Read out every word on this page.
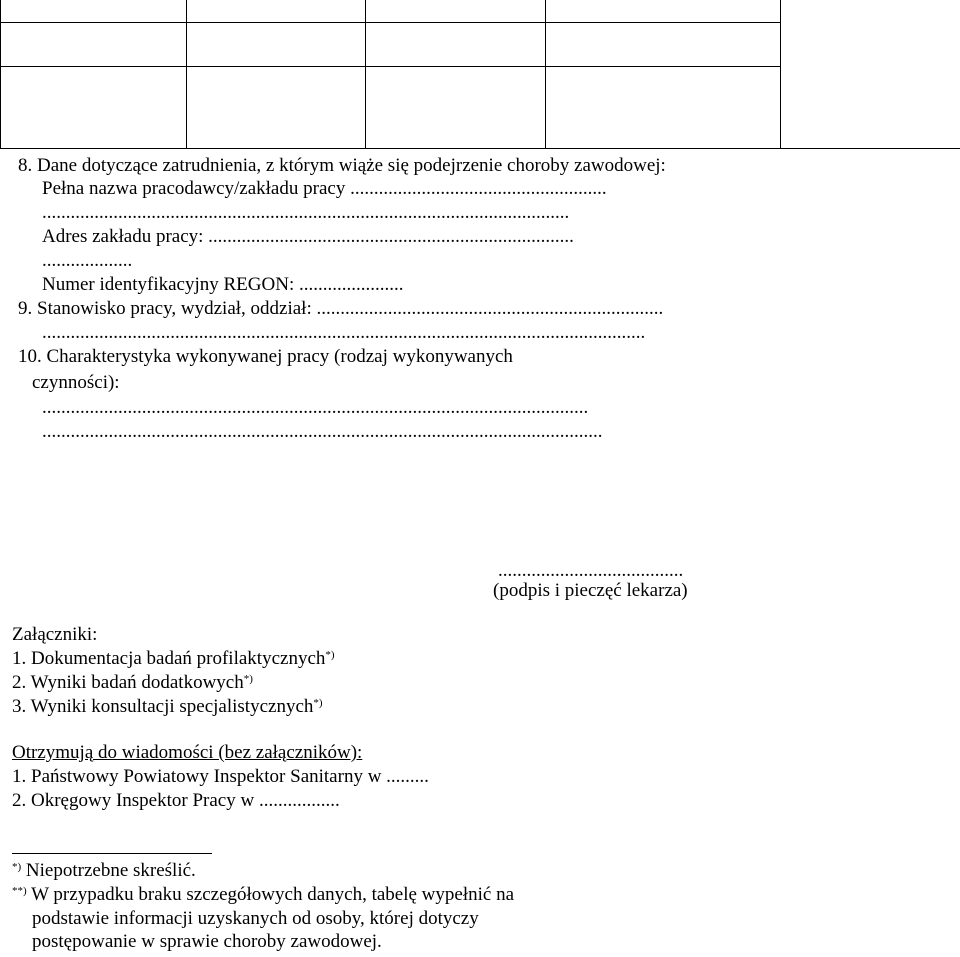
8. Dane dotyczące zatrudnienia, z którym wiąże się podejrzenie choroby zawodowej:
Pełna nazwa pracodawcy/zakładu pracy ......................................................
...............................................................................................................
Adres zakładu pracy: .............................................................................
...................
Numer identyfikacyjny REGON: ......................
9. Stanowisko pracy, wydział, oddział: .........................................................................
...............................................................................................................................
10. Charakterystyka wykonywanej pracy (rodzaj wykonywanych
czynności):
...................................................................................................................
......................................................................................................................
.......................................
(podpis i pieczęć lekarza)
Załączniki:
1. Dokumentacja badań profilaktycznych*)
2. Wyniki badań dodatkowych*)
3. Wyniki konsultacji specjalistycznych*)
Otrzymują do wiadomości (bez załączników):
1. Państwowy Powiatowy Inspektor Sanitarny w .........
2. Okręgowy Inspektor Pracy w .................
*) Niepotrzebne skreślić.
**) W przypadku braku szczegółowych danych, tabelę wypełnić na
podstawie informacji uzyskanych od osoby, której dotyczy
postępowanie w sprawie choroby zawodowej.
